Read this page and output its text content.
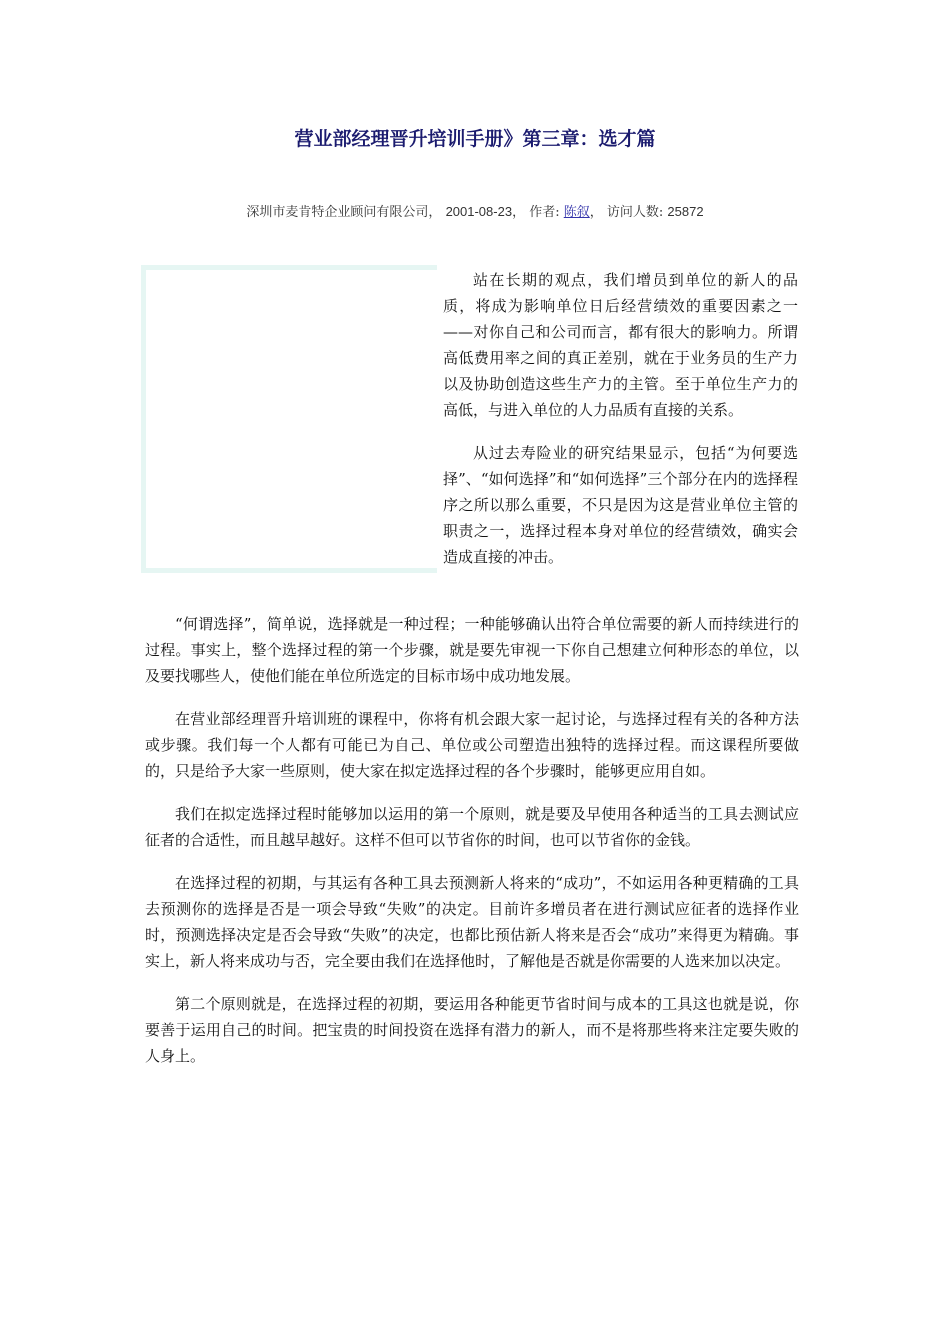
营业部经理晋升培训手册》第三章：选才篇
深圳市麦肯特企业顾问有限公司， 2001-08-23， 作者: 陈叙， 访问人数: 25872

站在长期的观点，我们增员到单位的新人的品质，将成为影响单位日后经营绩效的重要因素之一——对你自己和公司而言，都有很大的影响力。所谓高低费用率之间的真正差别，就在于业务员的生产力以及协助创造这些生产力的主管。至于单位生产力的高低，与进入单位的人力品质有直接的关系。

从过去寿险业的研究结果显示，包括“为何要选择”、“如何选择”和“如何选择”三个部分在内的选择程序之所以那么重要，不只是因为这是营业单位主管的职责之一，选择过程本身对单位的经营绩效，确实会造成直接的冲击。

“何谓选择”，简单说，选择就是一种过程；一种能够确认出符合单位需要的新人而持续进行的过程。事实上，整个选择过程的第一个步骤，就是要先审视一下你自己想建立何种形态的单位，以及要找哪些人，使他们能在单位所选定的目标市场中成功地发展。

在营业部经理晋升培训班的课程中，你将有机会跟大家一起讨论，与选择过程有关的各种方法或步骤。我们每一个人都有可能已为自己、单位或公司塑造出独特的选择过程。而这课程所要做的，只是给予大家一些原则，使大家在拟定选择过程的各个步骤时，能够更应用自如。

我们在拟定选择过程时能够加以运用的第一个原则，就是要及早使用各种适当的工具去测试应征者的合适性，而且越早越好。这样不但可以节省你的时间，也可以节省你的金钱。

在选择过程的初期，与其运有各种工具去预测新人将来的“成功”，不如运用各种更精确的工具去预测你的选择是否是一项会导致“失败”的决定。目前许多增员者在进行测试应征者的选择作业时，预测选择决定是否会导致“失败”的决定，也都比预估新人将来是否会“成功”来得更为精确。事实上，新人将来成功与否，完全要由我们在选择他时，了解他是否就是你需要的人选来加以决定。

第二个原则就是，在选择过程的初期，要运用各种能更节省时间与成本的工具这也就是说，你要善于运用自己的时间。把宝贵的时间投资在选择有潜力的新人，而不是将那些将来注定要失败的人身上。
